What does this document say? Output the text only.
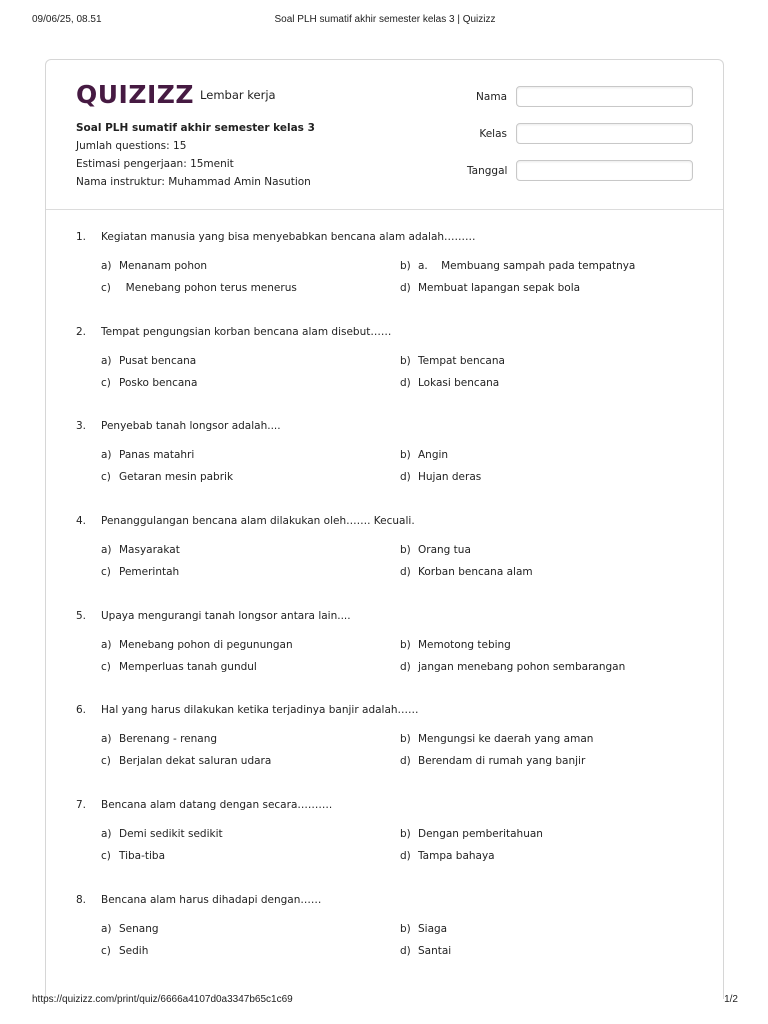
09/06/25, 08.51	Soal PLH sumatif akhir semester kelas 3 | Quizizz
QUIZIZZ Lembar kerja
Soal PLH sumatif akhir semester kelas 3
Jumlah questions: 15
Estimasi pengerjaan: 15menit
Nama instruktur: Muhammad Amin Nasution
Nama
Kelas
Tanggal
1. Kegiatan manusia yang bisa menyebabkan bencana alam adalah………
a) Menanam pohon	b) a.    Membuang sampah pada tempatnya
c)  Menebang pohon terus menerus	d) Membuat lapangan sepak bola
2. Tempat pengungsian korban bencana alam disebut……
a) Pusat bencana	b) Tempat bencana
c) Posko bencana	d) Lokasi bencana
3. Penyebab tanah longsor adalah....
a) Panas matahri	b) Angin
c) Getaran mesin pabrik	d) Hujan deras
4. Penanggulangan bencana alam dilakukan oleh……. Kecuali.
a) Masyarakat	b) Orang tua
c) Pemerintah	d) Korban bencana alam
5. Upaya mengurangi tanah longsor antara lain....
a) Menebang pohon di pegunungan	b) Memotong tebing
c) Memperluas tanah gundul	d) jangan menebang pohon sembarangan
6. Hal yang harus dilakukan ketika terjadinya banjir adalah……
a) Berenang - renang	b) Mengungsi ke daerah yang aman
c) Berjalan dekat saluran udara	d) Berendam di rumah yang banjir
7. Bencana alam datang dengan secara……….
a) Demi sedikit sedikit	b) Dengan pemberitahuan
c) Tiba-tiba	d) Tampa bahaya
8. Bencana alam harus dihadapi dengan……
a) Senang	b) Siaga
c) Sedih	d) Santai
https://quizizz.com/print/quiz/6666a4107d0a3347b65c1c69	1/2
